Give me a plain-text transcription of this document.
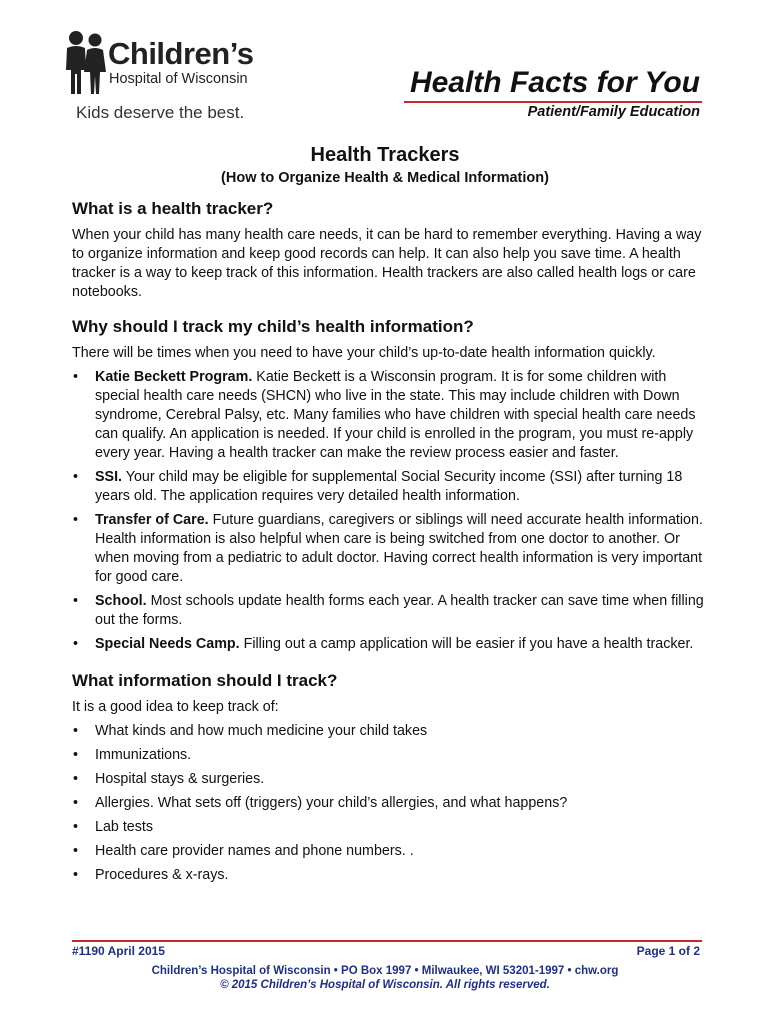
Children’s
Hospital of Wisconsin
Kids deserve the best.
Health Facts for You
Patient/Family Education
Health Trackers
(How to Organize Health & Medical Information)
What is a health tracker?

When your child has many health care needs, it can be hard to remember everything. Having a way to organize information and keep good records can help. It can also help you save time. A health tracker is a way to keep track of this information. Health trackers are also called health logs or care notebooks.

Why should I track my child’s health information?

There will be times when you need to have your child’s up-to-date health information quickly.

• Katie Beckett Program. Katie Beckett is a Wisconsin program. It is for some children with special health care needs (SHCN) who live in the state. This may include children with Down syndrome, Cerebral Palsy, etc. Many families who have children with special health care needs can qualify. An application is needed. If your child is enrolled in the program, you must re-apply every year. Having a health tracker can make the review process easier and faster.
• SSI. Your child may be eligible for supplemental Social Security income (SSI) after turning 18 years old. The application requires very detailed health information.
• Transfer of Care. Future guardians, caregivers or siblings will need accurate health information. Health information is also helpful when care is being switched from one doctor to another. Or when moving from a pediatric to adult doctor. Having correct health information is very important for good care.
• School. Most schools update health forms each year. A health tracker can save time when filling out the forms.
• Special Needs Camp. Filling out a camp application will be easier if you have a health tracker.
What information should I track?

It is a good idea to keep track of:

• What kinds and how much medicine your child takes
• Immunizations.
• Hospital stays & surgeries.
• Allergies. What sets off (triggers) your child’s allergies, and what happens?
• Lab tests
• Health care provider names and phone numbers. .
• Procedures & x-rays.
#1190 April 2015	Page 1 of 2
Children’s Hospital of Wisconsin • PO Box 1997 • Milwaukee, WI 53201-1997 • chw.org
© 2015 Children’s Hospital of Wisconsin. All rights reserved.
